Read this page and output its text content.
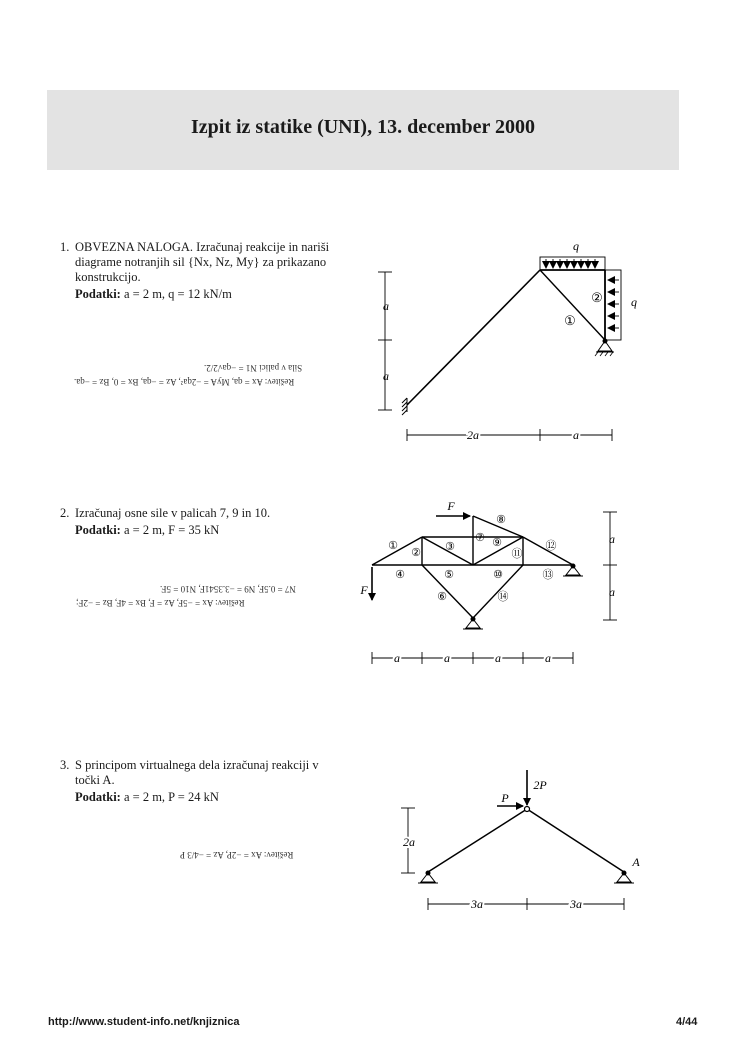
Izpit iz statike (UNI), 13. december 2000
1. OBVEZNA NALOGA. Izračunaj reakcije in nariši diagrame notranjih sil {Nx, Nz, My} za prikazano konstrukcijo.
Podatki: a = 2 m, q = 12 kN/m
Rešitev: Ax = qa, MyA = −2qa², Az = −qa, Bx = 0, Bz = −qa.
Sila v palici N1 = −qa√2/2.
2. Izračunaj osne sile v palicah 7, 9 in 10.
Podatki: a = 2 m, F = 35 kN
Rešitev: Ax = −5F, Az = F, Bx = 4F, Bz = −2F;
N7 = 0.5F, N9 = −3.3541F, N10 = 5F.
3. S principom virtualnega dela izračunaj reakciji v točki A.
Podatki: a = 2 m, P = 24 kN
Rešitev: Ax = −2P, Az = −4/3 P
q
q
a
a
2a	a
①
②
F
F
a
a
a	a	a	a
①
② ③
④	⑤
⑥
⑦
⑧
⑨
⑩
⑪
⑫
⑬
⑭
2P
P
A
2a
3a	3a
http://www.student-info.net/knjiznica	4/44
